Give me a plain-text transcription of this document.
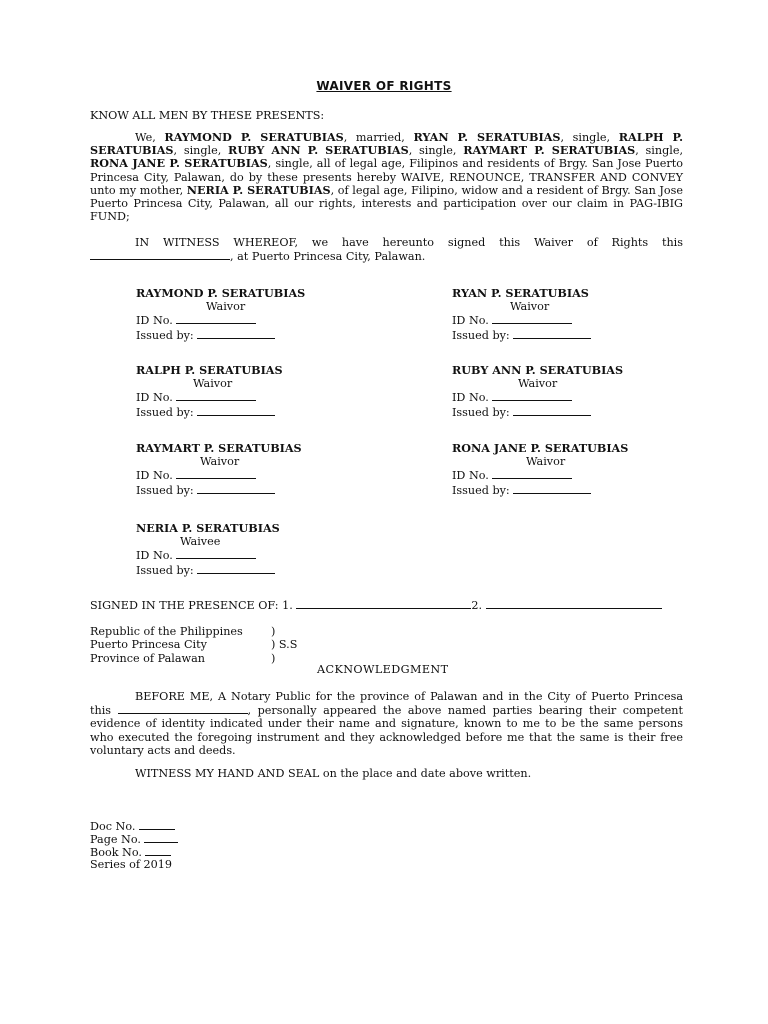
WAIVER OF RIGHTS
KNOW ALL MEN BY THESE PRESENTS:
We, RAYMOND P. SERATUBIAS, married, RYAN P. SERATUBIAS, single, RALPH P. SERATUBIAS, single, RUBY ANN P. SERATUBIAS, single, RAYMART P. SERATUBIAS, single, RONA JANE P. SERATUBIAS, single, all of legal age, Filipinos and residents of Brgy. San Jose Puerto Princesa City, Palawan, do by these presents hereby WAIVE, RENOUNCE, TRANSFER AND CONVEY unto my mother, NERIA P. SERATUBIAS, of legal age, Filipino, widow and a resident of Brgy. San Jose Puerto Princesa City, Palawan, all our rights, interests and participation over our claim in PAG-IBIG FUND;
IN WITNESS WHEREOF, we have hereunto signed this Waiver of Rights this , at Puerto Princesa City, Palawan.
RAYMOND P. SERATUBIAS
Waivor
ID No.
Issued by:
RYAN P. SERATUBIAS
Waivor
ID No.
Issued by:
RALPH P. SERATUBIAS
Waivor
ID No.
Issued by:
RUBY ANN P. SERATUBIAS
Waivor
ID No.
Issued by:
RAYMART P. SERATUBIAS
Waivor
ID No.
Issued by:
RONA JANE P. SERATUBIAS
Waivor
ID No.
Issued by:
NERIA P. SERATUBIAS
Waivee
ID No.
Issued by:
SIGNED IN THE PRESENCE OF: 1.	2.
Republic of the Philippines	)
Puerto Princesa City	) S.S
Province of Palawan	)
ACKNOWLEDGMENT
BEFORE ME, A Notary Public for the province of Palawan and in the City of Puerto Princesa this	, personally appeared the above named parties bearing their competent evidence of identity indicated under their name and signature, known to me to be the same persons who executed the foregoing instrument and they acknowledged before me that the same is their free voluntary acts and deeds.
WITNESS MY HAND AND SEAL on the place and date above written.
Doc No.
Page No.
Book No.
Series of 2019
